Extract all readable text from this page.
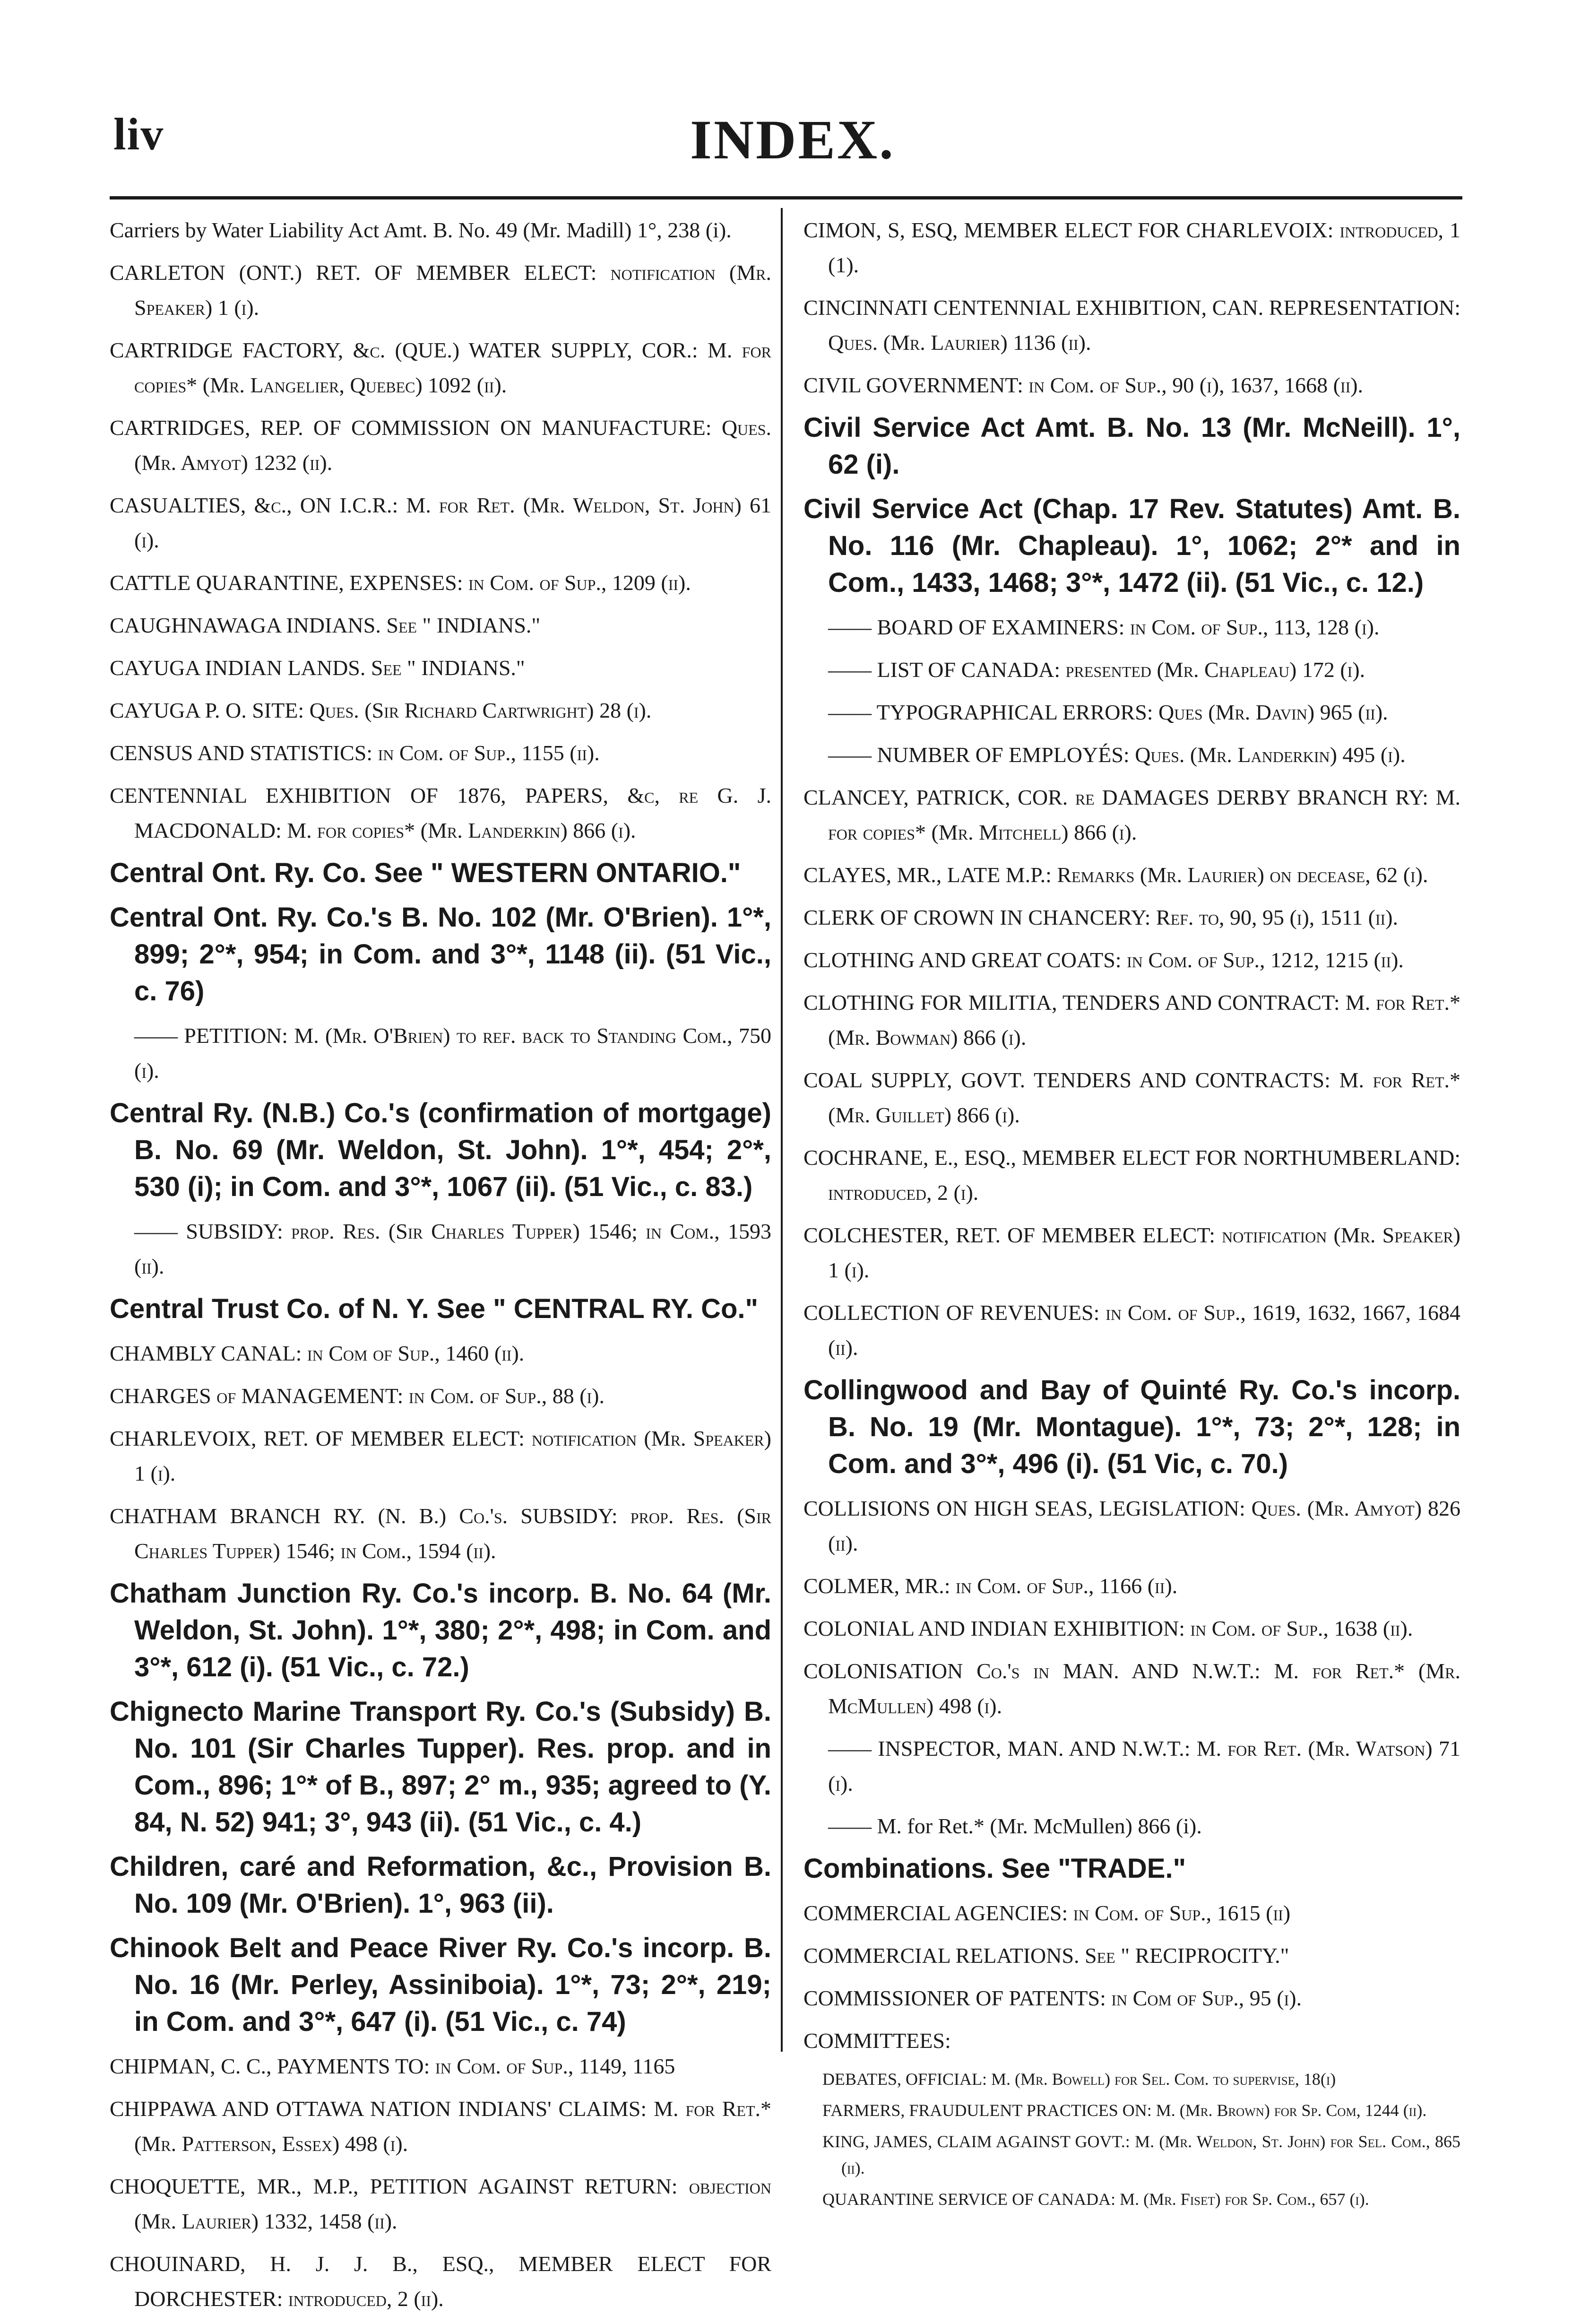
liv	INDEX.

Carriers by Water Liability Act Amt. B. No. 49 (Mr. Madill) 1°, 238 (i).

CARLETON (ONT.) RET. OF MEMBER ELECT: notification (Mr. Speaker) 1 (i).

CARTRIDGE FACTORY, &c. (QUE.) WATER SUPPLY, COR.: M. for copies* (Mr. Langelier, Quebec) 1092 (ii).

CARTRIDGES, REP. OF COMMISSION ON MANUFACTURE: Ques. (Mr. Amyot) 1232 (ii).

CASUALTIES, &c., ON I.C.R.: M. for Ret. (Mr. Weldon, St. John) 61 (i).

CATTLE QUARANTINE, EXPENSES: in Com. of Sup., 1209 (ii).

CAUGHNAWAGA INDIANS. See " INDIANS."

CAYUGA INDIAN LANDS. See " INDIANS."

CAYUGA P. O. SITE: Ques. (Sir Richard Cartwright) 28 (i).

CENSUS AND STATISTICS: in Com. of Sup., 1155 (ii).

CENTENNIAL EXHIBITION OF 1876, PAPERS, &c, re G. J. MACDONALD: M. for copies* (Mr. Landerkin) 866 (i).

Central Ont. Ry. Co. See " WESTERN ONTARIO."

Central Ont. Ry. Co.'s B. No. 102 (Mr. O'Brien). 1°*, 899; 2°*, 954; in Com. and 3°*, 1148 (ii). (51 Vic., c. 76)

—— PETITION: M. (Mr. O'Brien) to ref. back to Standing Com., 750 (i).

Central Ry. (N.B.) Co.'s (confirmation of mortgage) B. No. 69 (Mr. Weldon, St. John). 1°*, 454; 2°*, 530 (i); in Com. and 3°*, 1067 (ii). (51 Vic., c. 83.)

—— SUBSIDY: prop. Res. (Sir Charles Tupper) 1546; in Com., 1593 (ii).

Central Trust Co. of N. Y. See " CENTRAL RY. Co."

CHAMBLY CANAL: in Com of Sup., 1460 (ii).

CHARGES of MANAGEMENT: in Com. of Sup., 88 (i).

CHARLEVOIX, RET. OF MEMBER ELECT: notification (Mr. Speaker) 1 (i).

CHATHAM BRANCH RY. (N. B.) Co.'s. SUBSIDY: prop. Res. (Sir Charles Tupper) 1546; in Com., 1594 (ii).

Chatham Junction Ry. Co.'s incorp. B. No. 64 (Mr. Weldon, St. John). 1°*, 380; 2°*, 498; in Com. and 3°*, 612 (i). (51 Vic., c. 72.)

Chignecto Marine Transport Ry. Co.'s (Subsidy) B. No. 101 (Sir Charles Tupper). Res. prop. and in Com., 896; 1°* of B., 897; 2° m., 935; agreed to (Y. 84, N. 52) 941; 3°, 943 (ii). (51 Vic., c. 4.)

Children, caré and Reformation, &c., Provision B. No. 109 (Mr. O'Brien). 1°, 963 (ii).

Chinook Belt and Peace River Ry. Co.'s incorp. B. No. 16 (Mr. Perley, Assiniboia). 1°*, 73; 2°*, 219; in Com. and 3°*, 647 (i). (51 Vic., c. 74)

CHIPMAN, C. C., PAYMENTS TO: in Com. of Sup., 1149, 1165

CHIPPAWA AND OTTAWA NATION INDIANS' CLAIMS: M. for Ret.* (Mr. Patterson, Essex) 498 (i).

CHOQUETTE, MR., M.P., PETITION AGAINST RETURN: objection (Mr. Laurier) 1332, 1458 (ii).

CHOUINARD, H. J. J. B., ESQ., MEMBER ELECT FOR DORCHESTER: introduced, 2 (ii).

CIMON, S, ESQ, MEMBER ELECT FOR CHARLEVOIX: introduced, 1 (1).

CINCINNATI CENTENNIAL EXHIBITION, CAN. REPRESENTATION: Ques. (Mr. Laurier) 1136 (ii).

CIVIL GOVERNMENT: in Com. of Sup., 90 (i), 1637, 1668 (ii).

Civil Service Act Amt. B. No. 13 (Mr. McNeill). 1°, 62 (i).

Civil Service Act (Chap. 17 Rev. Statutes) Amt. B. No. 116 (Mr. Chapleau). 1°, 1062; 2°* and in Com., 1433, 1468; 3°*, 1472 (ii). (51 Vic., c. 12.)

—— BOARD OF EXAMINERS: in Com. of Sup., 113, 128 (i).

—— LIST OF CANADA: presented (Mr. Chapleau) 172 (i).

—— TYPOGRAPHICAL ERRORS: Ques (Mr. Davin) 965 (ii).

—— NUMBER OF EMPLOYÉS: Ques. (Mr. Landerkin) 495 (i).

CLANCEY, PATRICK, COR. re DAMAGES DERBY BRANCH RY: M. for copies* (Mr. Mitchell) 866 (i).

CLAYES, MR., LATE M.P.: Remarks (Mr. Laurier) on decease, 62 (i).

CLERK OF CROWN IN CHANCERY: Ref. to, 90, 95 (i), 1511 (ii).

CLOTHING AND GREAT COATS: in Com. of Sup., 1212, 1215 (ii).

CLOTHING FOR MILITIA, TENDERS AND CONTRACT: M. for Ret.* (Mr. Bowman) 866 (i).

COAL SUPPLY, GOVT. TENDERS AND CONTRACTS: M. for Ret.* (Mr. Guillet) 866 (i).

COCHRANE, E., ESQ., MEMBER ELECT FOR NORTHUMBERLAND: introduced, 2 (i).

COLCHESTER, RET. OF MEMBER ELECT: notification (Mr. Speaker) 1 (i).

COLLECTION OF REVENUES: in Com. of Sup., 1619, 1632, 1667, 1684 (ii).

Collingwood and Bay of Quinté Ry. Co.'s incorp. B. No. 19 (Mr. Montague). 1°*, 73; 2°*, 128; in Com. and 3°*, 496 (i). (51 Vic, c. 70.)

COLLISIONS ON HIGH SEAS, LEGISLATION: Ques. (Mr. Amyot) 826 (ii).

COLMER, MR.: in Com. of Sup., 1166 (ii).

COLONIAL AND INDIAN EXHIBITION: in Com. of Sup., 1638 (ii).

COLONISATION Co.'s in MAN. AND N.W.T.: M. for Ret.* (Mr. McMullen) 498 (i).

—— INSPECTOR, MAN. AND N.W.T.: M. for Ret. (Mr. Watson) 71 (i).

—— M. for Ret.* (Mr. McMullen) 866 (i).

Combinations. See "TRADE."

COMMERCIAL AGENCIES: in Com. of Sup., 1615 (ii)

COMMERCIAL RELATIONS. See " RECIPROCITY."

COMMISSIONER OF PATENTS: in Com of Sup., 95 (i).

COMMITTEES:

DEBATES, OFFICIAL: M. (Mr. Bowell) for Sel. Com. to supervise, 18(i)

FARMERS, FRAUDULENT PRACTICES ON: M. (Mr. Brown) for Sp. Com, 1244 (ii).

KING, JAMES, CLAIM AGAINST GOVT.: M. (Mr. Weldon, St. John) for Sel. Com., 865 (ii).

QUARANTINE SERVICE OF CANADA: M. (Mr. Fiset) for Sp. Com., 657 (i).
